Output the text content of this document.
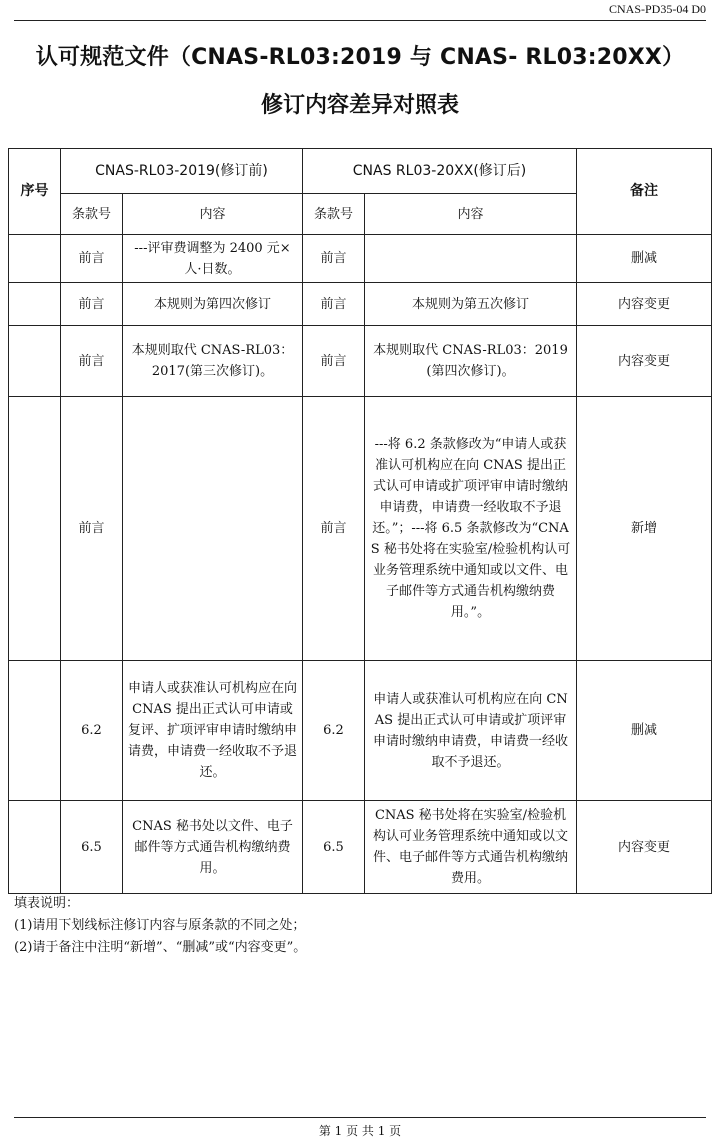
CNAS-PD35-04 D0
认可规范文件（CNAS-RL03:2019 与 CNAS- RL03:20XX）
修订内容差异对照表
序号	CNAS-RL03-2019(修订前)		CNAS RL03-20XX(修订后)		备注
	条款号	内容	条款号	内容	
	前言	---评审费调整为 2400 元×人·日数。	前言		删减
	前言	本规则为第四次修订	前言	本规则为第五次修订	内容变更
	前言	本规则取代 CNAS-RL03：2017(第三次修订)。	前言	本规则取代 CNAS-RL03：2019(第四次修订)。	内容变更
	前言		前言	---将 6.2 条款修改为“申请人或获准认可机构应在向 CNAS 提出正式认可申请或扩项评审申请时缴纳申请费，申请费一经收取不予退还。”；---将 6.5 条款修改为“CNAS 秘书处将在实验室/检验机构认可业务管理系统中通知或以文件、电子邮件等方式通告机构缴纳费用。”。	新增
	6.2	申请人或获准认可机构应在向 CNAS 提出正式认可申请或复评、扩项评审申请时缴纳申请费，申请费一经收取不予退还。	6.2	申请人或获准认可机构应在向 CNAS 提出正式认可申请或扩项评审申请时缴纳申请费，申请费一经收取不予退还。	删减
	6.5	CNAS 秘书处以文件、电子邮件等方式通告机构缴纳费用。	6.5	CNAS 秘书处将在实验室/检验机构认可业务管理系统中通知或以文件、电子邮件等方式通告机构缴纳费用。	内容变更
填表说明：
(1)请用下划线标注修订内容与原条款的不同之处；
(2)请于备注中注明“新增”、“删减”或“内容变更”。
第 1 页 共 1 页
